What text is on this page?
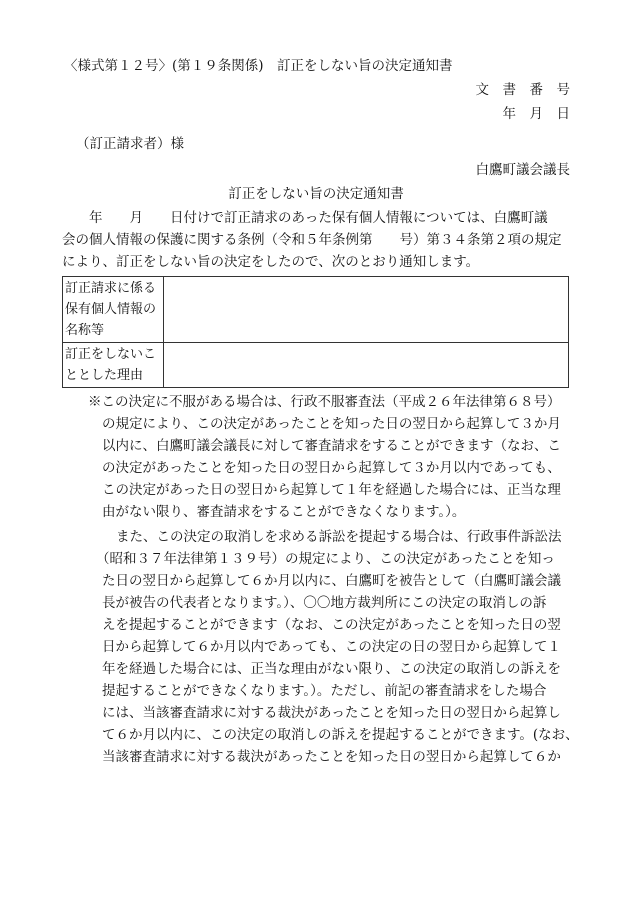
〈様式第１２号〉(第１９条関係)　訂正をしない旨の決定通知書
文　書　番　号
年　月　日
（訂正請求者）様
白鷹町議会議長
訂正をしない旨の決定通知書
　　年　　月　　日付けで訂正請求のあった保有個人情報については、白鷹町議
会の個人情報の保護に関する条例（令和５年条例第　　号）第３４条第２項の規定
により、訂正をしない旨の決定をしたので、次のとおり通知します。
訂正請求に係る
保有個人情報の
名称等	

訂正をしないこ
ととした理由	

※この決定に不服がある場合は、行政不服審査法（平成２６年法律第６８号）
の規定により、この決定があったことを知った日の翌日から起算して３か月
以内に、白鷹町議会議長に対して審査請求をすることができます（なお、こ
の決定があったことを知った日の翌日から起算して３か月以内であっても、
この決定があった日の翌日から起算して１年を経過した場合には、正当な理
由がない限り、審査請求をすることができなくなります。）。
また、この決定の取消しを求める訴訟を提起する場合は、行政事件訴訟法
（昭和３７年法律第１３９号）の規定により、この決定があったことを知っ
た日の翌日から起算して６か月以内に、白鷹町を被告として（白鷹町議会議
長が被告の代表者となります。）、〇〇地方裁判所にこの決定の取消しの訴
えを提起することができます（なお、この決定があったことを知った日の翌
日から起算して６か月以内であっても、この決定の日の翌日から起算して１
年を経過した場合には、正当な理由がない限り、この決定の取消しの訴えを
提起することができなくなります。）。ただし、前記の審査請求をした場合
には、当該審査請求に対する裁決があったことを知った日の翌日から起算し
て６か月以内に、この決定の取消しの訴えを提起することができます。(なお、
当該審査請求に対する裁決があったことを知った日の翌日から起算して６か
